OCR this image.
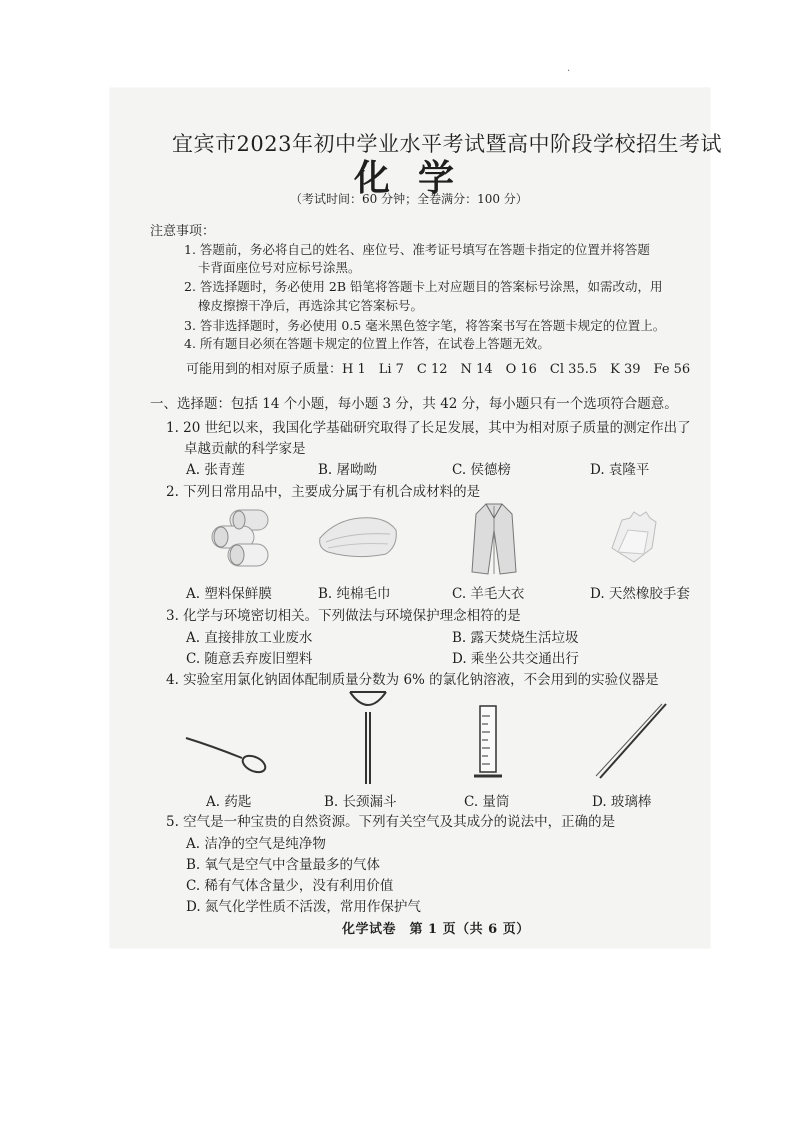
·
宜宾市2023年初中学业水平考试暨高中阶段学校招生考试
化学
（考试时间：60 分钟；全卷满分：100 分）
注意事项：
1. 答题前，务必将自己的姓名、座位号、准考证号填写在答题卡指定的位置并将答题
卡背面座位号对应标号涂黑。
2. 答选择题时，务必使用 2B 铅笔将答题卡上对应题目的答案标号涂黑，如需改动，用
橡皮擦擦干净后，再选涂其它答案标号。
3. 答非选择题时，务必使用 0.5 毫米黑色签字笔，将答案书写在答题卡规定的位置上。
4. 所有题目必须在答题卡规定的位置上作答，在试卷上答题无效。
可能用到的相对原子质量：H 1　Li 7　C 12　N 14　O 16　Cl 35.5　K 39　Fe 56
一、选择题：包括 14 个小题，每小题 3 分，共 42 分，每小题只有一个选项符合题意。
1. 20 世纪以来，我国化学基础研究取得了长足发展，其中为相对原子质量的测定作出了
卓越贡献的科学家是
A. 张青莲	B. 屠呦呦	C. 侯德榜	D. 袁隆平
2. 下列日常用品中，主要成分属于有机合成材料的是
A. 塑料保鲜膜	B. 纯棉毛巾	C. 羊毛大衣	D. 天然橡胶手套
3. 化学与环境密切相关。下列做法与环境保护理念相符的是
A. 直接排放工业废水	B. 露天焚烧生活垃圾
C. 随意丢弃废旧塑料	D. 乘坐公共交通出行
4. 实验室用氯化钠固体配制质量分数为 6% 的氯化钠溶液，不会用到的实验仪器是
A. 药匙	B. 长颈漏斗	C. 量筒	D. 玻璃棒
5. 空气是一种宝贵的自然资源。下列有关空气及其成分的说法中，正确的是
A. 洁净的空气是纯净物
B. 氧气是空气中含量最多的气体
C. 稀有气体含量少，没有利用价值
D. 氮气化学性质不活泼，常用作保护气
化学试卷　第 1 页（共 6 页）
